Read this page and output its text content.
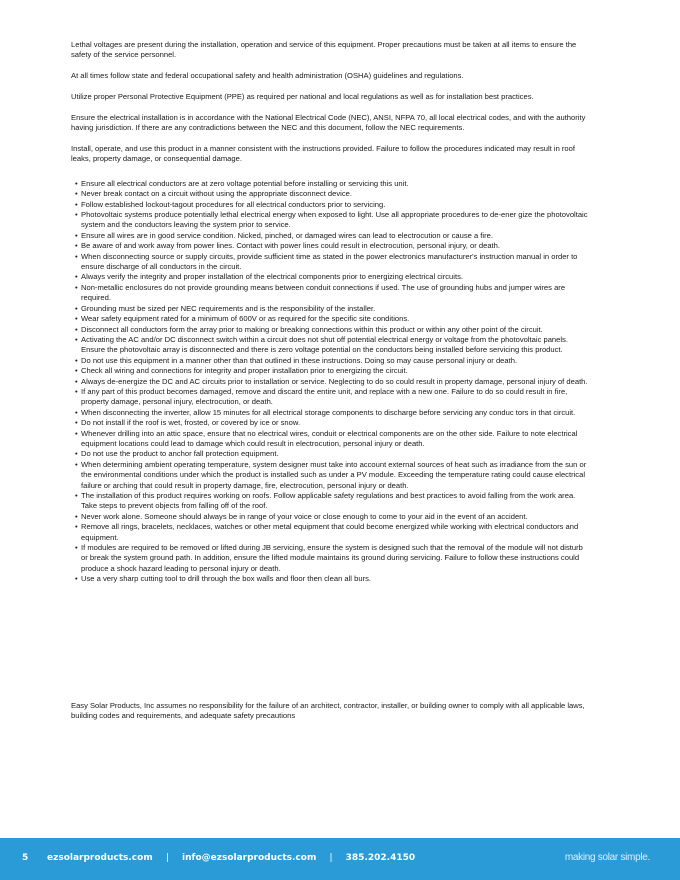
Lethal voltages are present during the installation, operation and service of this equipment. Proper precautions must be taken at all items to ensure the safety of the service personnel.

At all times follow state and federal occupational safety and health administration (OSHA) guidelines and regulations.

Utilize proper Personal Protective Equipment (PPE) as required per national and local regulations as well as for installation best practices.

Ensure the electrical installation is in accordance with the National Electrical Code (NEC), ANSI, NFPA 70, all local electrical codes, and with the authority having jurisdiction. If there are any contradictions between the NEC and this document, follow the NEC requirements.

Install, operate, and use this product in a manner consistent with the instructions provided. Failure to follow the procedures indicated may result in roof leaks, property damage, or consequential damage.

• Ensure all electrical conductors are at zero voltage potential before installing or servicing this unit.
• Never break contact on a circuit without using the appropriate disconnect device.
• Follow established lockout-tagout procedures for all electrical conductors prior to servicing.
• Photovoltaic systems produce potentially lethal electrical energy when exposed to light. Use all appropriate procedures to de-ener gize the photovoltaic system and the conductors leaving the system prior to service.
• Ensure all wires are in good service condition. Nicked, pinched, or damaged wires can lead to electrocution or cause a fire.
• Be aware of and work away from power lines. Contact with power lines could result in electrocution, personal injury, or death.
• When disconnecting source or supply circuits, provide sufficient time as stated in the power electronics manufacturer's instruction manual in order to ensure discharge of all conductors in the circuit.
• Always verify the integrity and proper installation of the electrical components prior to energizing electrical circuits.
• Non-metallic enclosures do not provide grounding means between conduit connections if used. The use of grounding hubs and jumper wires are required.
• Grounding must be sized per NEC requirements and is the responsibility of the installer.
• Wear safety equipment rated for a minimum of 600V or as required for the specific site conditions.
• Disconnect all conductors form the array prior to making or breaking connections within this product or within any other point of the circuit.
• Activating the AC and/or DC disconnect switch within a circuit does not shut off potential electrical energy or voltage from the photovoltaic panels. Ensure the photovoltaic array is disconnected and there is zero voltage potential on the conductors being installed before servicing this product.
• Do not use this equipment in a manner other than that outlined in these instructions. Doing so may cause personal injury or death.
• Check all wiring and connections for integrity and proper installation prior to energizing the circuit.
• Always de-energize the DC and AC circuits prior to installation or service. Neglecting to do so could result in property damage, personal injury of death.
• If any part of this product becomes damaged, remove and discard the entire unit, and replace with a new one. Failure to do so could result in fire, property damage, personal injury, electrocution, or death.
• When disconnecting the inverter, allow 15 minutes for all electrical storage components to discharge before servicing any conduc tors in that circuit.
• Do not install if the roof is wet, frosted, or covered by ice or snow.
• Whenever drilling into an attic space, ensure that no electrical wires, conduit or electrical components are on the other side. Failure to note electrical equipment locations could lead to damage which could result in electrocution, personal injury or death.
• Do not use the product to anchor fall protection equipment.
• When determining ambient operating temperature, system designer must take into account external sources of heat such as irradiance from the sun or the environmental conditions under which the product is installed such as under a PV module. Exceeding the temperature rating could cause electrical failure or arching that could result in property damage, fire, electrocution, personal injury or death.
• The installation of this product requires working on roofs. Follow applicable safety regulations and best practices to avoid falling from the work area. Take steps to prevent objects from falling off of the roof.
• Never work alone. Someone should always be in range of your voice or close enough to come to your aid in the event of an accident.
• Remove all rings, bracelets, necklaces, watches or other metal equipment that could become energized while working with electrical conductors and equipment.
• If modules are required to be removed or lifted during JB servicing, ensure the system is designed such that the removal of the module will not disturb or break the system ground path. In addition, ensure the lifted module maintains its ground during servicing. Failure to follow these instructions could produce a shock hazard leading to personal injury or death.
• Use a very sharp cutting tool to drill through the box walls and floor then clean all burs.

Easy Solar Products, Inc assumes no responsibility for the failure of an architect, contractor, installer, or building owner to comply with all applicable laws, building codes and requirements, and adequate safety precautions

5 ezsolarproducts.com | info@ezsolarproducts.com | 385.202.4150	making solar simple.
